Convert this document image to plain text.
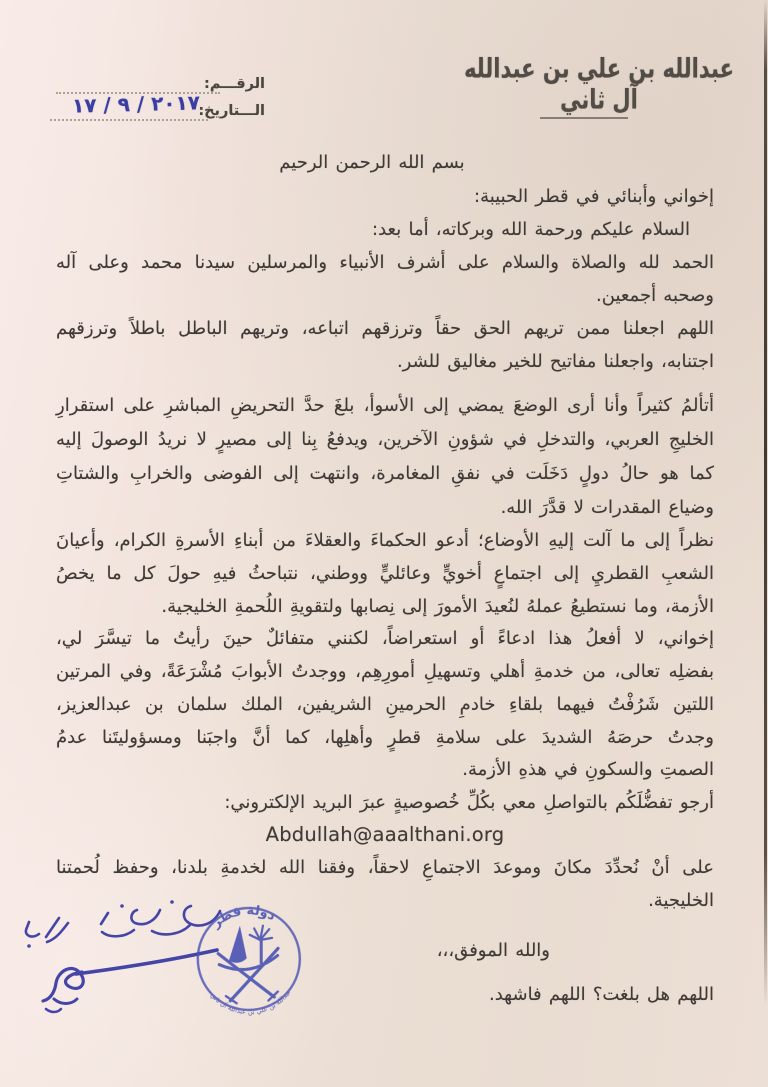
عبدالله بن علي بن عبدالله آل ثاني
الرقـــم:
الـــتاريخ:
٢٠١٧ / ٩ / ١٧
بسم الله الرحمن الرحيم
إخواني وأبنائي في قطر الحبيبة:
السلام عليكم ورحمة الله وبركاته، أما بعد:
الحمد لله والصلاة والسلام على أشرف الأنبياء والمرسلين سيدنا محمد وعلى آله
وصحبه أجمعين.
اللهم اجعلنا ممن تريهم الحق حقاً وترزقهم اتباعه، وتريهم الباطل باطلاً وترزقهم
اجتنابه، واجعلنا مفاتيح للخير مغاليق للشر.
أتألمُ كثيراً وأنا أرى الوضعَ يمضي إلى الأسوأ، بلغَ حدَّ التحريضِ المباشرِ على استقرارِ
الخليجِ العربي، والتدخلِ في شؤونِ الآخرين، ويدفعُ بِنا إلى مصيرٍ لا نريدُ الوصولَ إليه
كما هو حالُ دولٍ دَخَلَت في نفقِ المغامرة، وانتهت إلى الفوضى والخرابِ والشتاتِ
وضياع المقدرات لا قدَّرَ الله.
نظراً إلى ما آلت إليهِ الأوضاع؛ أدعو الحكماءَ والعقلاءَ من أبناءِ الأسرةِ الكرام، وأعيانَ
الشعبِ القطريِ إلى اجتماعٍ أخويٍّ وعائليٍّ ووطني، نتباحثُ فيهِ حولَ كل ما يخصُ
الأزمة، وما نستطيعُ عملهُ لنُعيدَ الأمورَ إلى نِصابها ولتقويةِ اللُحمةِ الخليجية.
إخواني، لا أفعلُ هذا ادعاءً أو استعراضاً، لكنني متفائلٌ حينَ رأيتُ ما تيسَّرَ لي،
بفضلِه تعالى، من خدمةِ أهلي وتسهيلِ أمورِهِم، ووجدتُ الأبوابَ مُشْرَعَةً، وفي المرتين
اللتين شَرُفْتُ فيهما بلقاءِ خادمِ الحرمينِ الشريفين، الملك سلمان بن عبدالعزيز،
وجدتُ حرصَهُ الشديدَ على سلامةِ قطرٍ وأهلِها، كما أنَّ واجبَنا ومسؤوليتَنا عدمُ
الصمتِ والسكونِ في هذهِ الأزمة.
أرجو تفضُّلَكُم بالتواصلِ معي بكُلِّ خُصوصيةٍ عبرَ البريد الإلكتروني:
Abdullah@aaalthani.org
على أنْ نُحدِّدَ مكانَ وموعدَ الاجتماعِ لاحقاً، وفقنا الله لخدمةِ بلدنا، وحفظ لُحمتنا
الخليجية.
والله الموفق،،،
اللهم هل بلغت؟ اللهم فاشهد.
دولة قطر
عبدالله بن علي بن عبدالله آل ثاني
